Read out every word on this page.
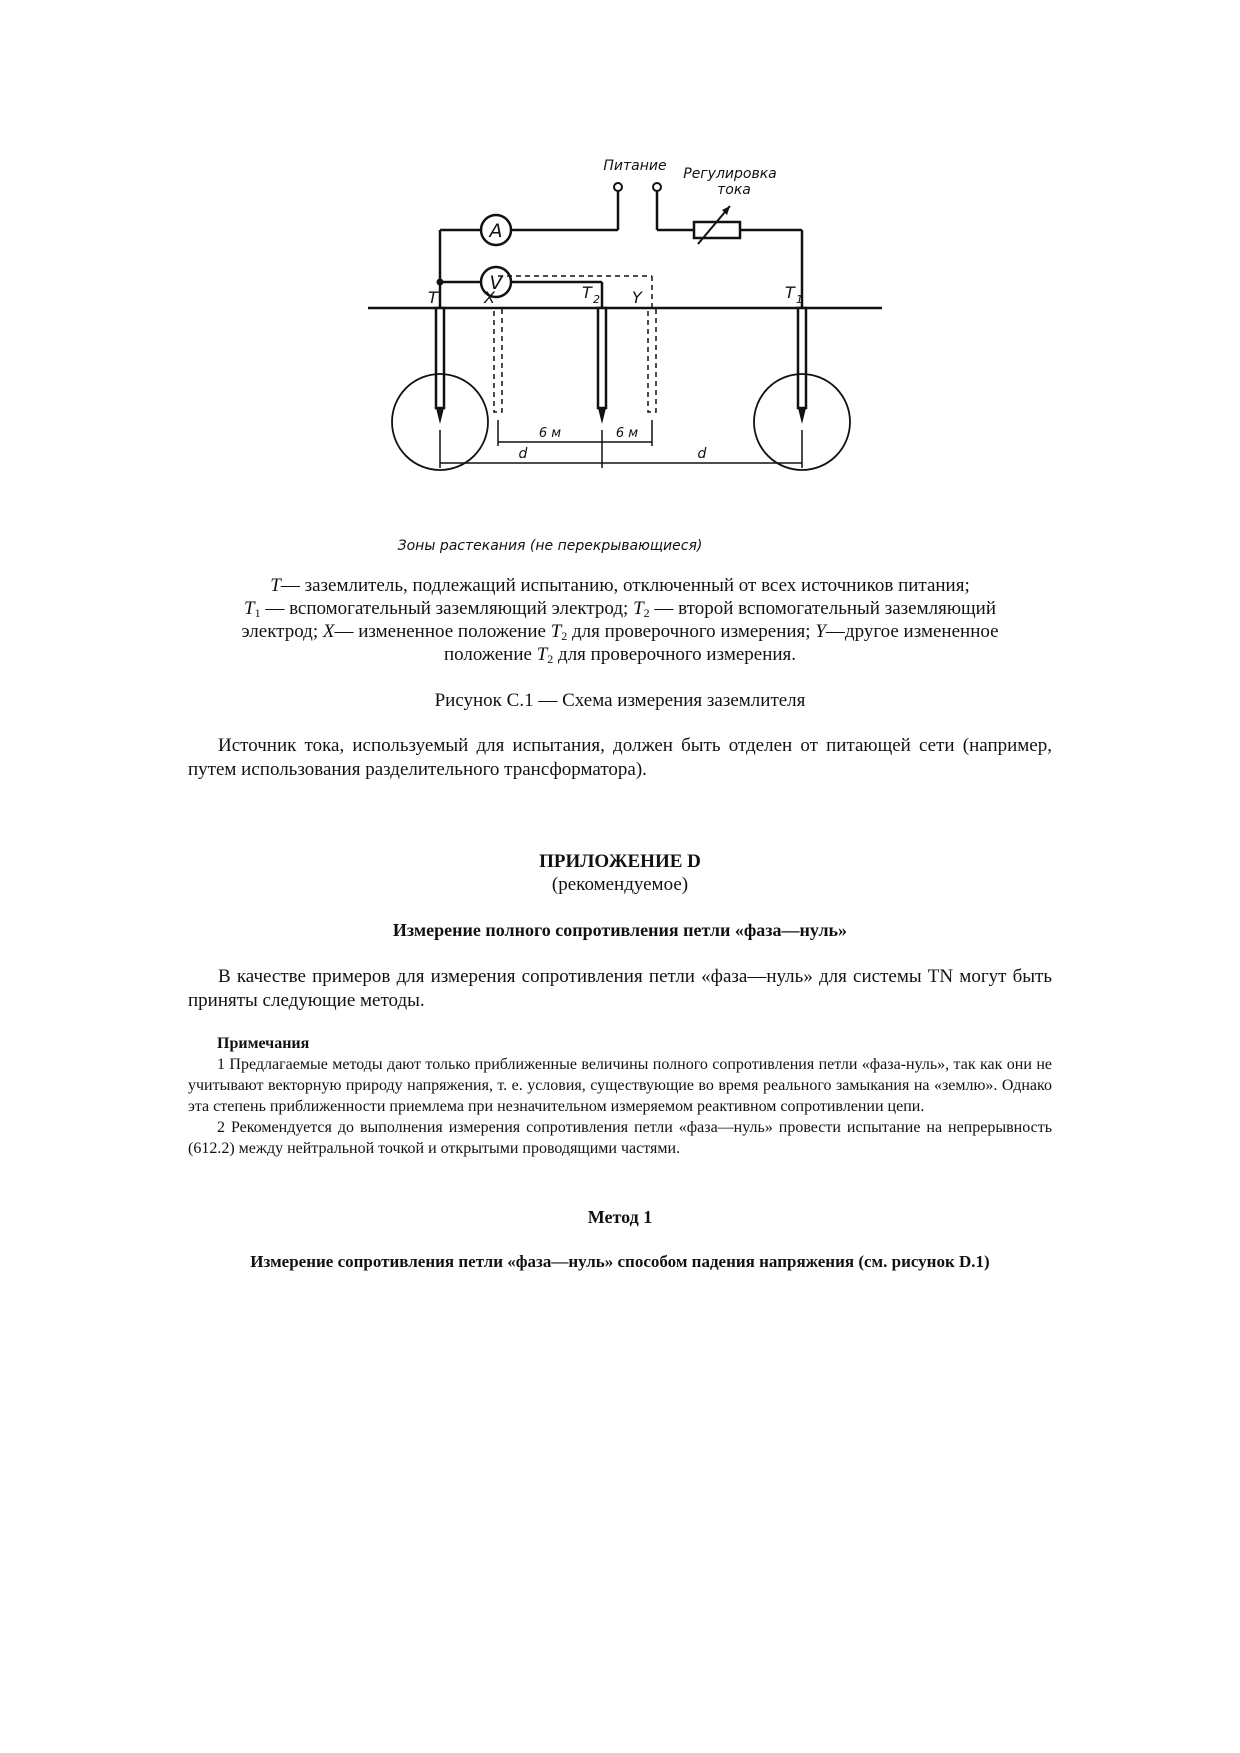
A
V
T	X	T 2 Y	T 1
Питание Регулировка
тока
6 м	6 м
d	d
Зоны растекания (не перекрывающиеся)
T— заземлитель, подлежащий испытанию, отключенный от всех источников питания;
$T_1$ — вспомогательный заземляющий электрод; $T_2$ — второй вспомогательный заземляющий
электрод; X— измененное положение $T_2$ для проверочного измерения; Y—другое измененное
положение $T_2$ для проверочного измерения.
Рисунок С.1 — Схема измерения заземлителя
Источник тока, используемый для испытания, должен быть отделен от питающей сети (например, путем использования разделительного трансформатора).
ПРИЛОЖЕНИЕ D
(рекомендуемое)
Измерение полного сопротивления петли «фаза—нуль»
В качестве примеров для измерения сопротивления петли «фаза—нуль» для системы TN могут быть приняты следующие методы.

Примечания

1 Предлагаемые методы дают только приближенные величины полного сопротивления петли «фаза-нуль», так как они не учитывают векторную природу напряжения, т. е. условия, существующие во время реального замыкания на «землю». Однако эта степень приближенности приемлема при незначительном измеряемом реактивном сопротивлении цепи.

2 Рекомендуется до выполнения измерения сопротивления петли «фаза—нуль» провести испытание на непрерывность (612.2) между нейтральной точкой и открытыми проводящими частями.

Метод 1
Измерение сопротивления петли «фаза—нуль» способом падения напряжения (см. рисунок D.1)
